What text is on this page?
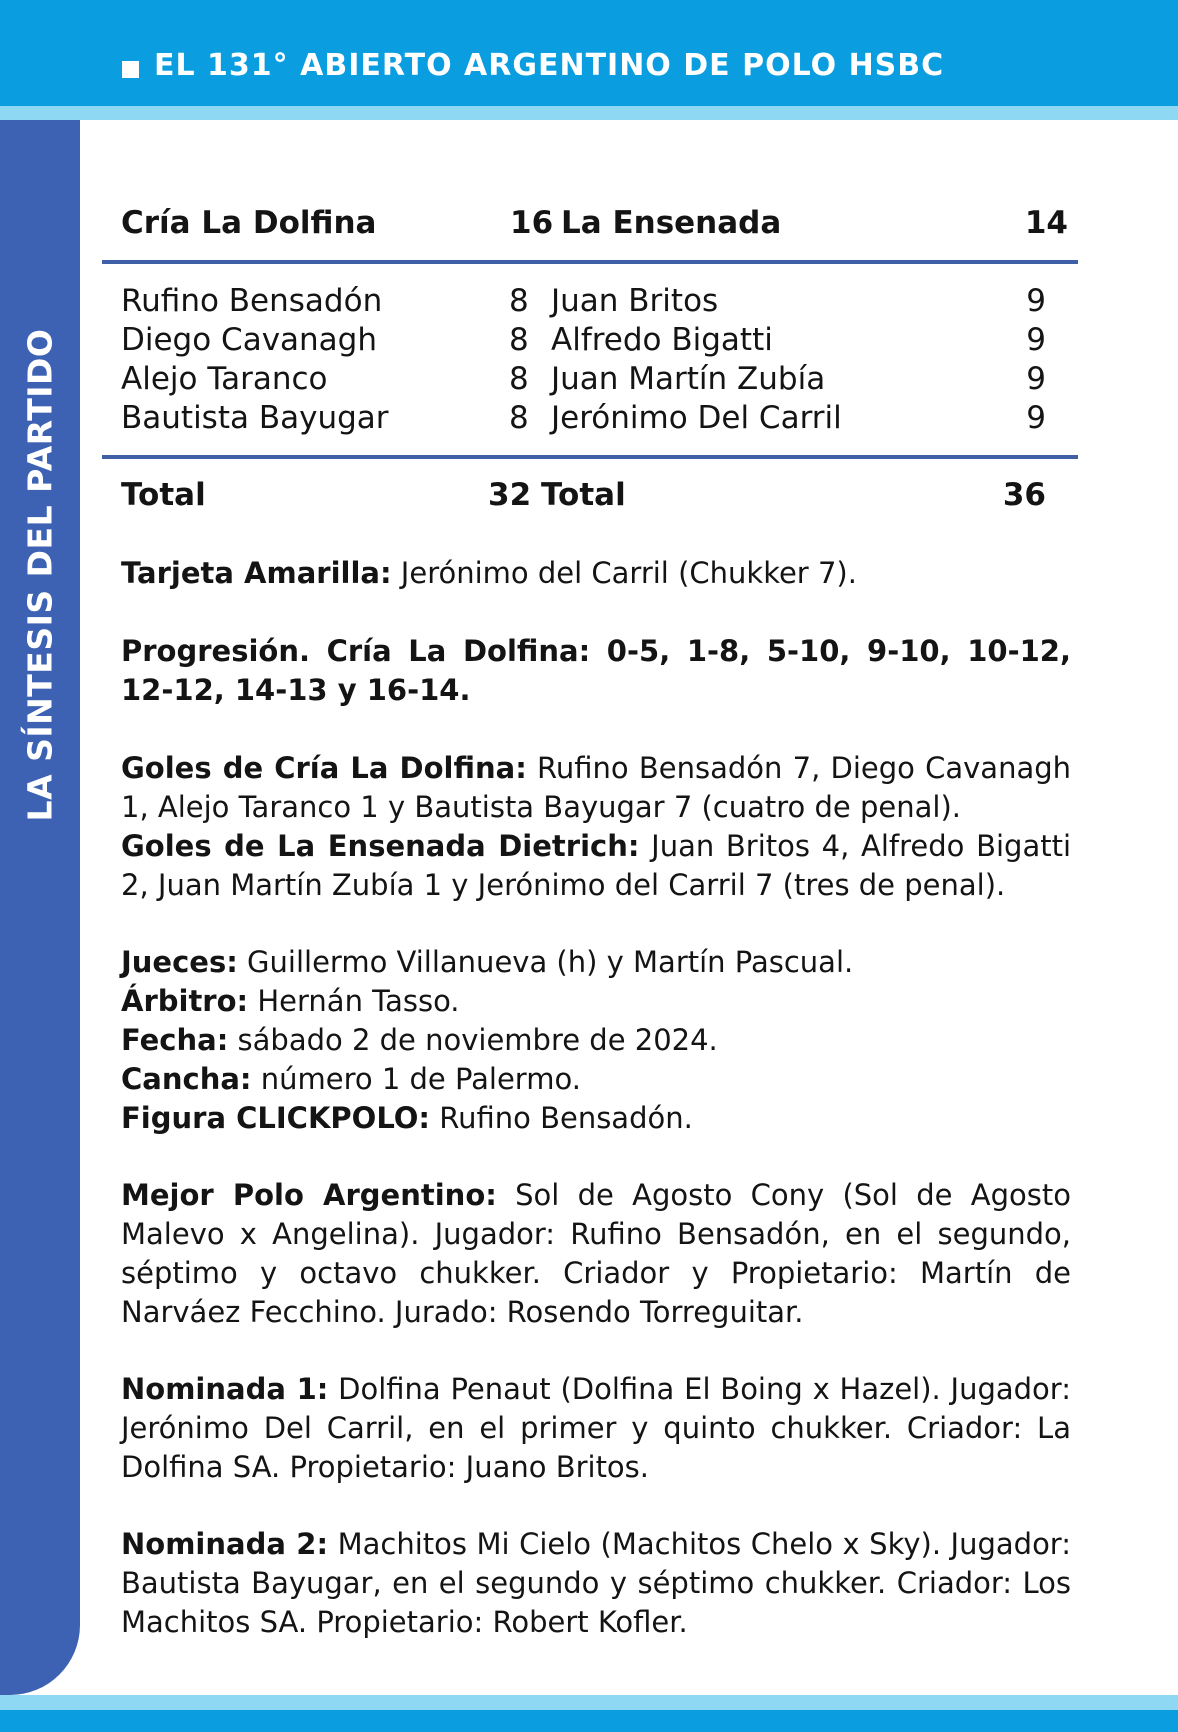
EL 131° ABIERTO ARGENTINO DE POLO HSBC
LA SÍNTESIS DEL PARTIDO
Cría La Dolfina	16 La Ensenada	14
Rufino Bensadón	8 Juan Britos	9
Diego Cavanagh	8 Alfredo Bigatti	9
Alejo Taranco	8 Juan Martín Zubía	9
Bautista Bayugar	8 Jerónimo Del Carril	9
Total	32 Total	36
Tarjeta Amarilla: Jerónimo del Carril (Chukker 7).
Progresión. Cría La Dolfina: 0-5, 1-8, 5-10, 9-10, 10-12,
12-12, 14-13 y 16-14.
Goles de Cría La Dolfina: Rufino Bensadón 7, Diego Cavanagh 1, Alejo Taranco 1 y Bautista Bayugar 7 (cuatro de penal).
Goles de La Ensenada Dietrich: Juan Britos 4, Alfredo Bigatti 2, Juan Martín Zubía 1 y Jerónimo del Carril 7 (tres de penal).
Jueces: Guillermo Villanueva (h) y Martín Pascual.
Árbitro: Hernán Tasso.
Fecha: sábado 2 de noviembre de 2024.
Cancha: número 1 de Palermo.
Figura CLICKPOLO: Rufino Bensadón.
Mejor Polo Argentino: Sol de Agosto Cony (Sol de Agosto Malevo x Angelina). Jugador: Rufino Bensadón, en el segundo, séptimo y octavo chukker. Criador y Propietario: Martín de Narváez Fecchino. Jurado: Rosendo Torreguitar.
Nominada 1: Dolfina Penaut (Dolfina El Boing x Hazel). Jugador: Jerónimo Del Carril, en el primer y quinto chukker. Criador: La Dolfina SA. Propietario: Juano Britos.
Nominada 2: Machitos Mi Cielo (Machitos Chelo x Sky). Jugador: Bautista Bayugar, en el segundo y séptimo chukker. Criador: Los Machitos SA. Propietario: Robert Kofler.
